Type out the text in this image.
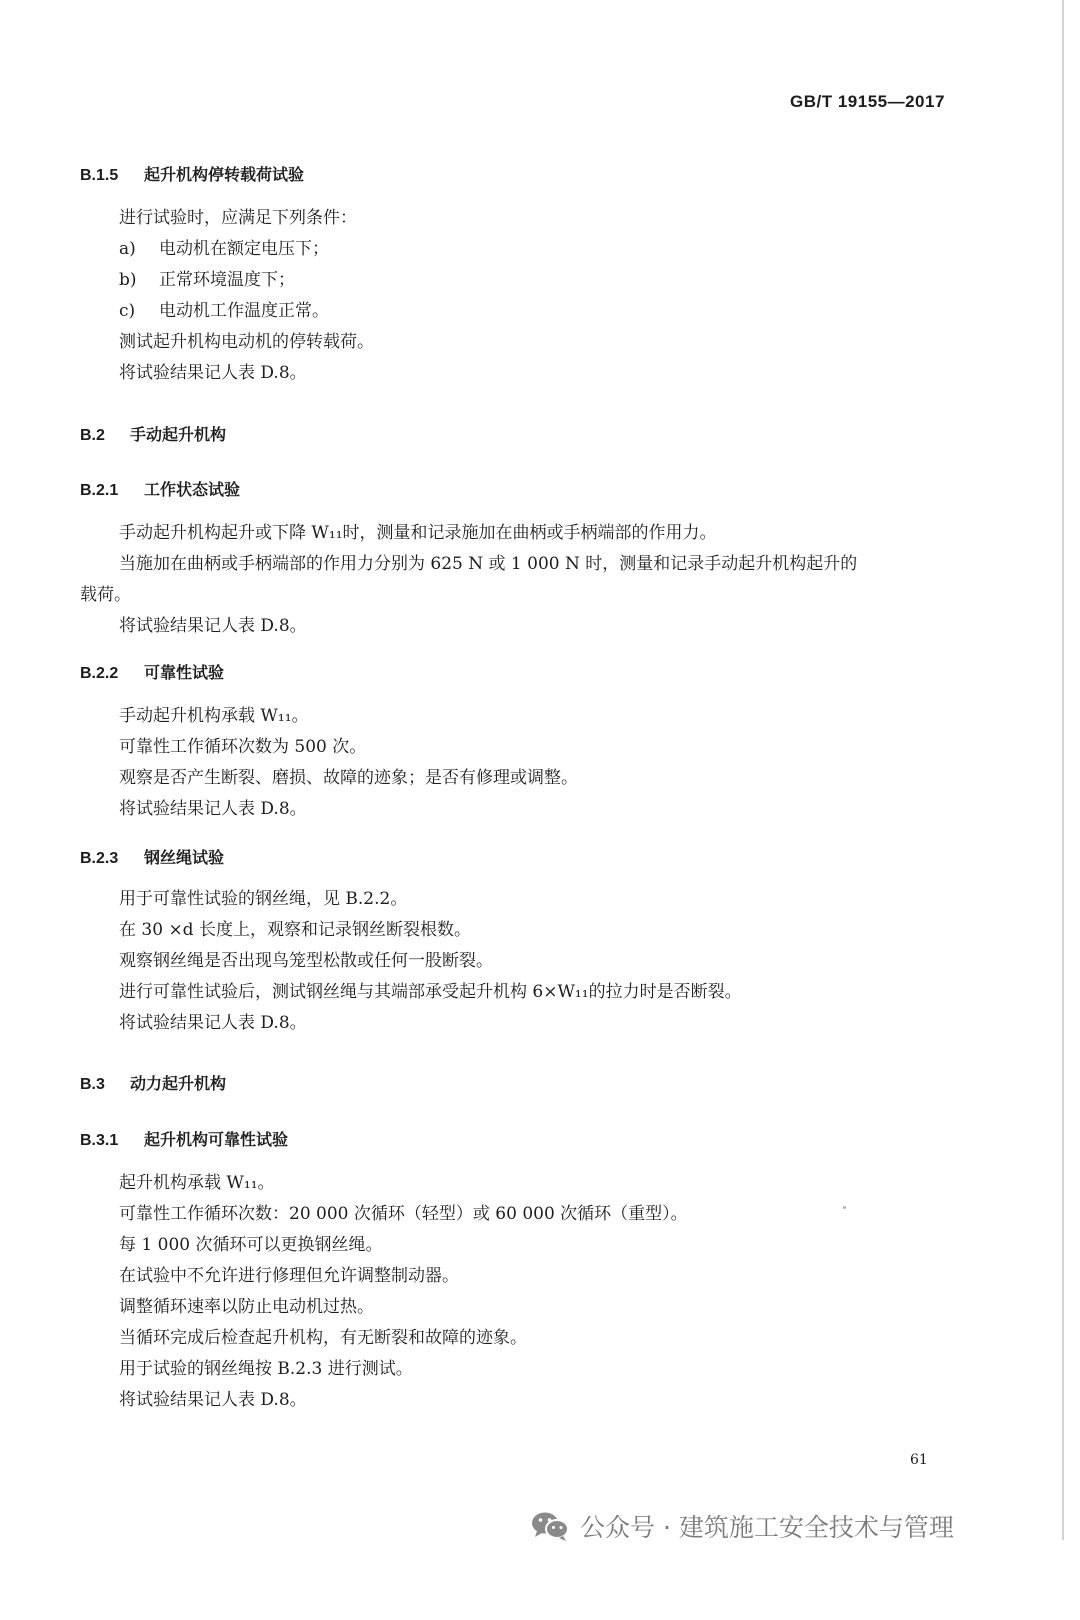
GB/T 19155—2017
B.1.5 起升机构停转载荷试验
进行试验时，应满足下列条件：
a) 电动机在额定电压下；
b) 正常环境温度下；
c) 电动机工作温度正常。
测试起升机构电动机的停转载荷。
将试验结果记人表 D.8。
B.2 手动起升机构
B.2.1 工作状态试验
手动起升机构起升或下降 W₁₁时，测量和记录施加在曲柄或手柄端部的作用力。
当施加在曲柄或手柄端部的作用力分别为 625 N 或 1 000 N 时，测量和记录手动起升机构起升的
载荷。
将试验结果记人表 D.8。
B.2.2 可靠性试验
手动起升机构承载 W₁₁。
可靠性工作循环次数为 500 次。
观察是否产生断裂、磨损、故障的迹象；是否有修理或调整。
将试验结果记人表 D.8。
B.2.3 钢丝绳试验
用于可靠性试验的钢丝绳，见 B.2.2。
在 30 ×d 长度上，观察和记录钢丝断裂根数。
观察钢丝绳是否出现鸟笼型松散或任何一股断裂。
进行可靠性试验后，测试钢丝绳与其端部承受起升机构 6×W₁₁的拉力时是否断裂。
将试验结果记人表 D.8。
B.3 动力起升机构
B.3.1 起升机构可靠性试验
起升机构承载 W₁₁。
可靠性工作循环次数：20 000 次循环（轻型）或 60 000 次循环（重型）。
每 1 000 次循环可以更换钢丝绳。
在试验中不允许进行修理但允许调整制动器。
调整循环速率以防止电动机过热。
当循环完成后检查起升机构，有无断裂和故障的迹象。
用于试验的钢丝绳按 B.2.3 进行测试。
将试验结果记人表 D.8。
61
公众号 · 建筑施工安全技术与管理
